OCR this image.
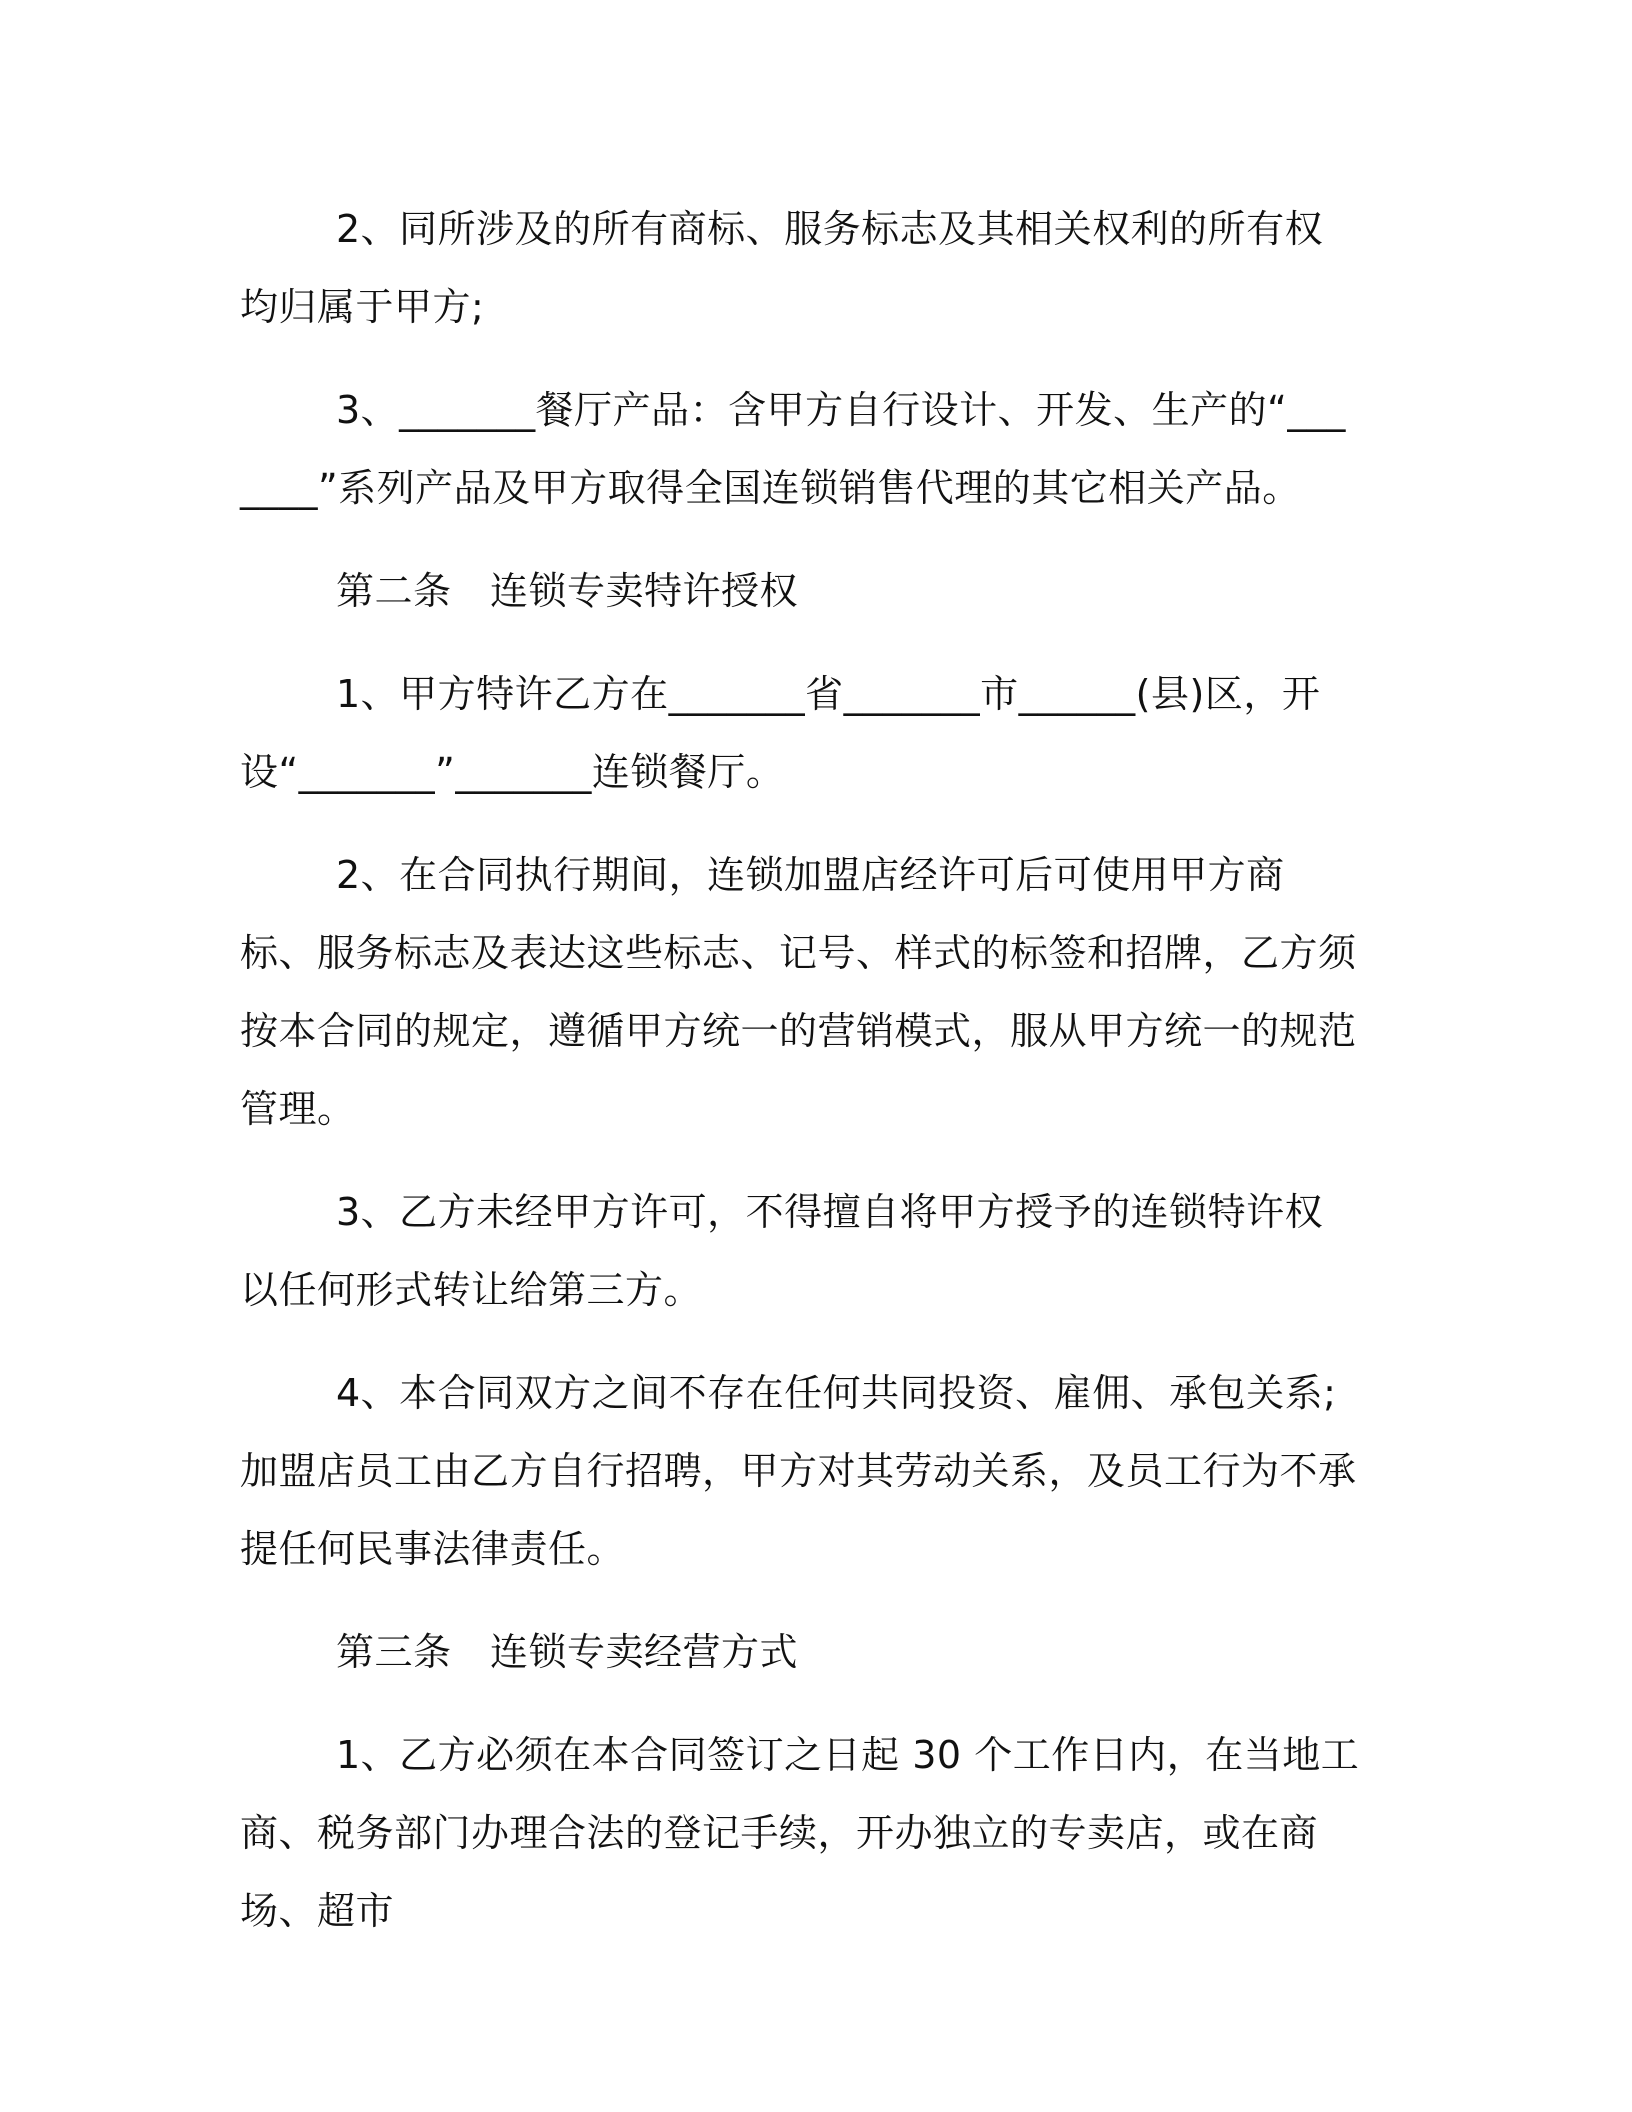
2、同所涉及的所有商标、服务标志及其相关权利的所有权均归属于甲方;

3、_______餐厅产品：含甲方自行设计、开发、生产的“_______”系列产品及甲方取得全国连锁销售代理的其它相关产品。

第二条　连锁专卖特许授权

1、甲方特许乙方在_______省_______市______(县)区，开设“_______”_______连锁餐厅。

2、在合同执行期间，连锁加盟店经许可后可使用甲方商标、服务标志及表达这些标志、记号、样式的标签和招牌，乙方须按本合同的规定，遵循甲方统一的营销模式，服从甲方统一的规范管理。

3、乙方未经甲方许可，不得擅自将甲方授予的连锁特许权以任何形式转让给第三方。

4、本合同双方之间不存在任何共同投资、雇佣、承包关系;加盟店员工由乙方自行招聘，甲方对其劳动关系，及员工行为不承提任何民事法律责任。

第三条　连锁专卖经营方式

1、乙方必须在本合同签订之日起 30 个工作日内，在当地工商、税务部门办理合法的登记手续，开办独立的专卖店，或在商场、超市
